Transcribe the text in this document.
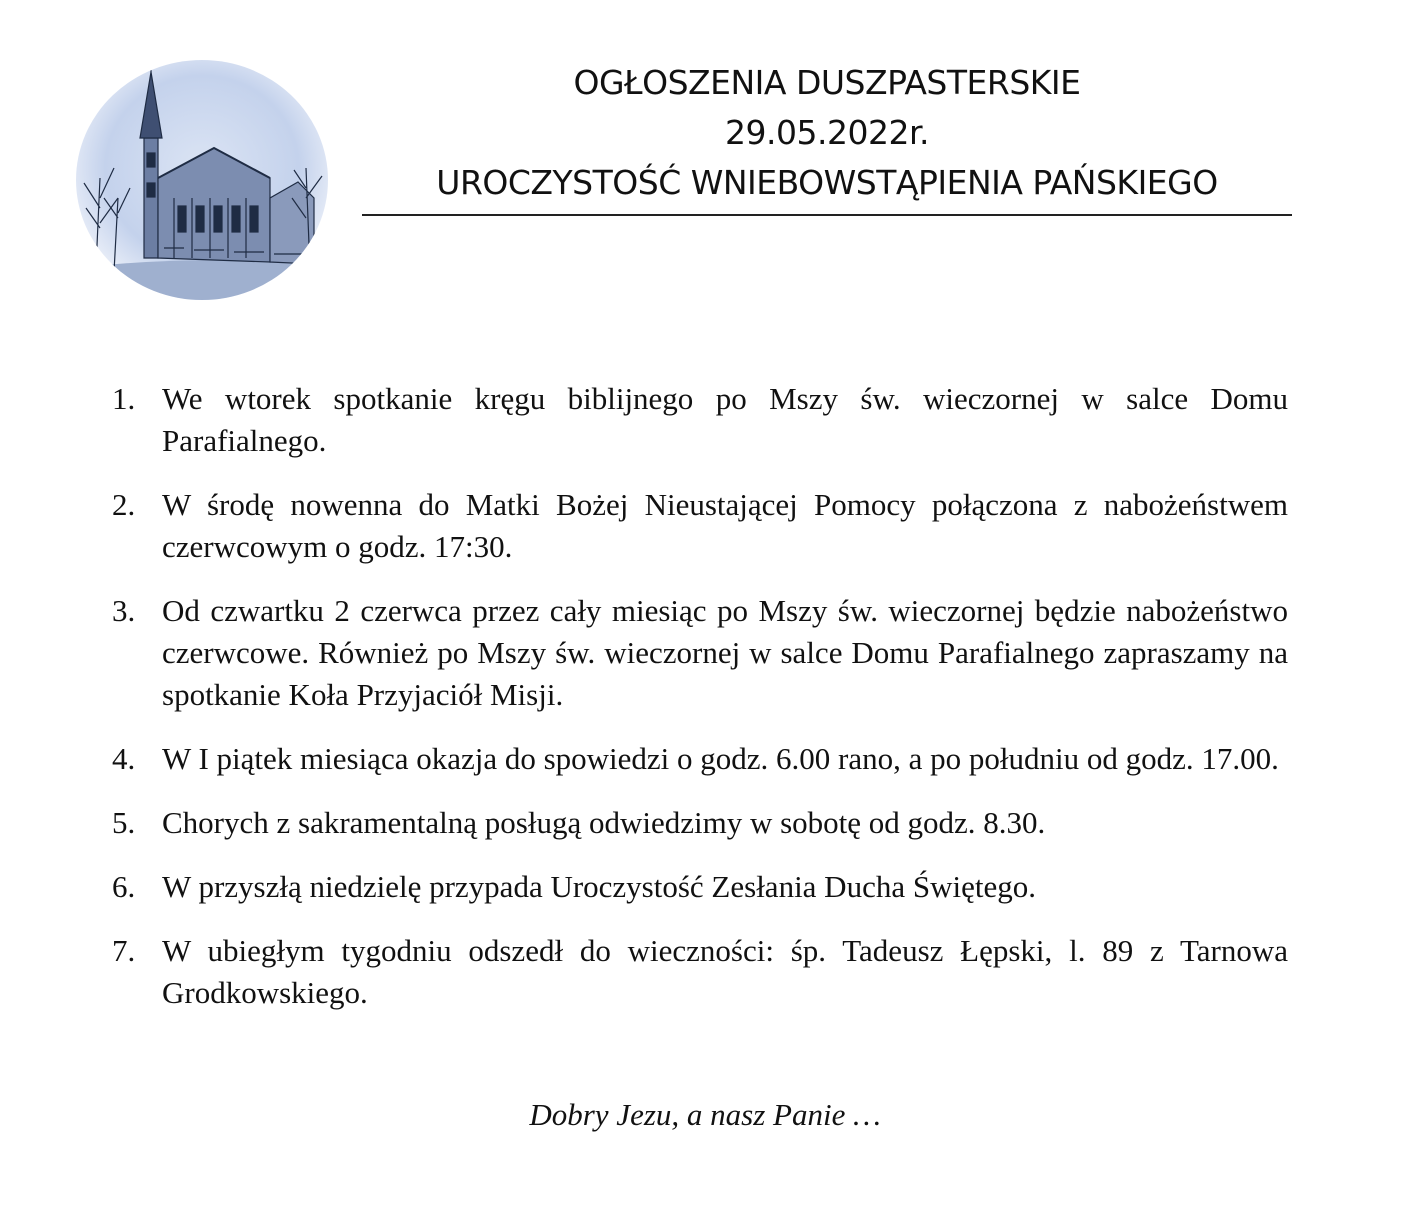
OGŁOSZENIA DUSZPASTERSKIE
29.05.2022r.
UROCZYSTOŚĆ WNIEBOWSTĄPIENIA PAŃSKIEGO
1. We wtorek spotkanie kręgu biblijnego po Mszy św. wieczornej w salce Domu Parafialnego.
2. W środę nowenna do Matki Bożej Nieustającej Pomocy połączona z nabożeństwem czerwcowym o godz. 17:30.
3. Od czwartku 2 czerwca przez cały miesiąc po Mszy św. wieczornej będzie nabożeństwo czerwcowe. Również po Mszy św. wieczornej w salce Domu Parafialnego zapraszamy na spotkanie Koła Przyjaciół Misji.
4. W I piątek miesiąca okazja do spowiedzi o godz. 6.00 rano, a po południu od godz. 17.00.
5. Chorych z sakramentalną posługą odwiedzimy w sobotę od godz. 8.30.
6. W przyszłą niedzielę przypada Uroczystość Zesłania Ducha Świętego.
7. W ubiegłym tygodniu odszedł do wieczności: śp. Tadeusz Łępski, l. 89 z Tarnowa Grodkowskiego.
Dobry Jezu, a nasz Panie …
